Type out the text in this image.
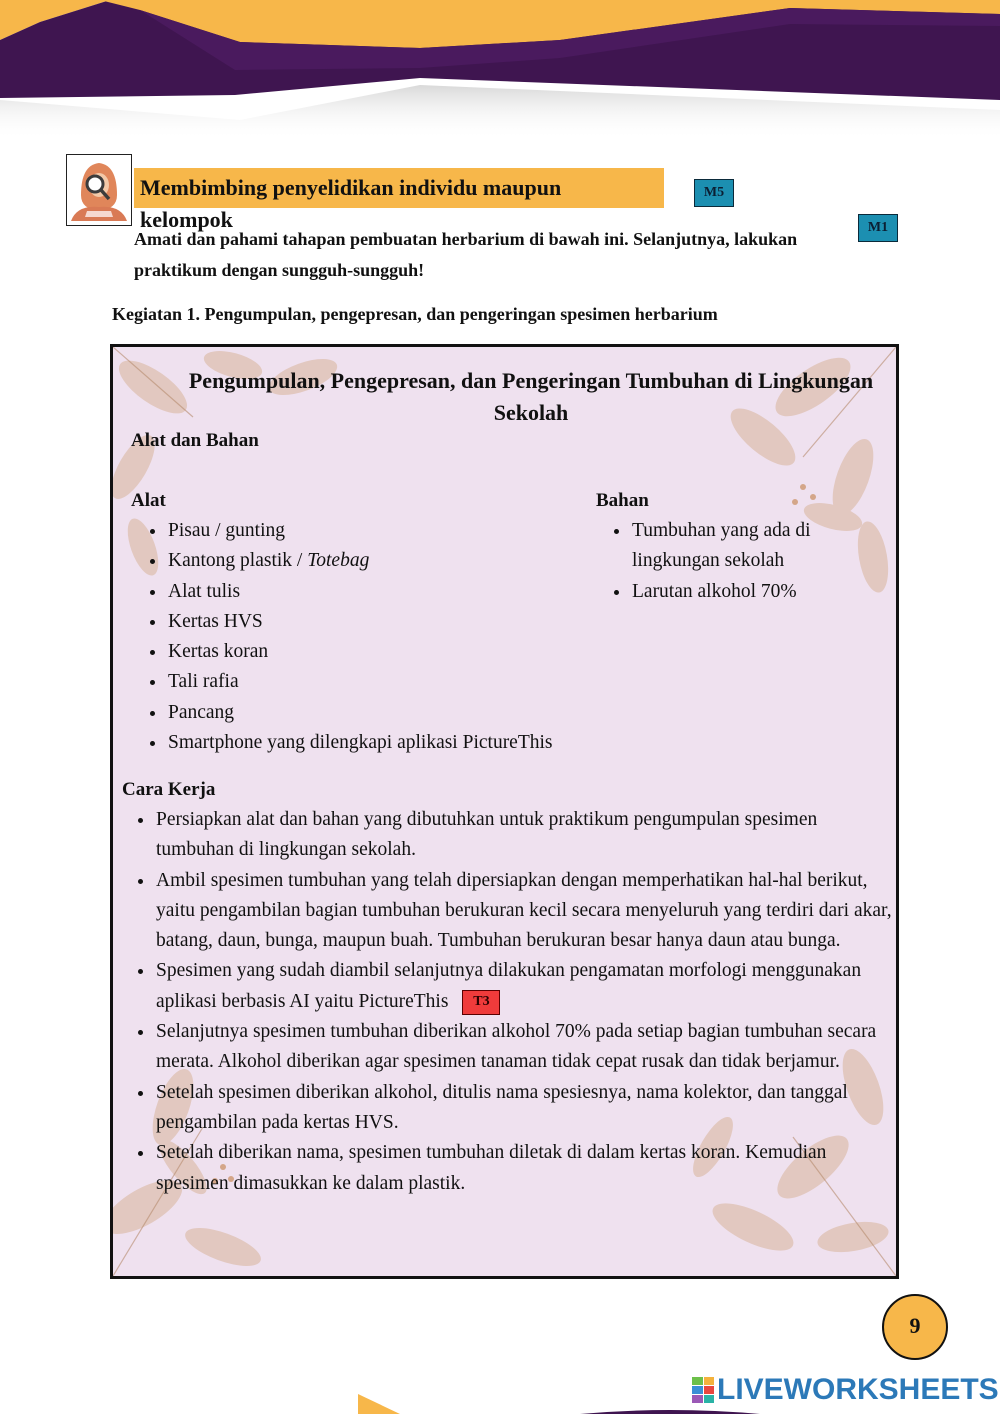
Membimbing penyelidikan individu maupun kelompok
M5
M1
Amati dan pahami tahapan pembuatan herbarium di bawah ini. Selanjutnya, lakukan praktikum dengan sungguh-sungguh!
Kegiatan 1. Pengumpulan, pengepresan, dan pengeringan spesimen herbarium
Pengumpulan, Pengepresan, dan Pengeringan Tumbuhan di Lingkungan Sekolah
Alat dan Bahan
Alat
• Pisau / gunting
• Kantong plastik / Totebag
• Alat tulis
• Kertas HVS
• Kertas koran
• Tali rafia
• Pancang
• Smartphone yang dilengkapi aplikasi PictureThis
Bahan
• Tumbuhan yang ada di lingkungan sekolah
• Larutan alkohol 70%
Cara Kerja
• Persiapkan alat dan bahan yang dibutuhkan untuk praktikum pengumpulan spesimen tumbuhan di lingkungan sekolah.
• Ambil spesimen tumbuhan yang telah dipersiapkan dengan memperhatikan hal-hal berikut, yaitu pengambilan bagian tumbuhan berukuran kecil secara menyeluruh yang terdiri dari akar, batang, daun, bunga, maupun buah. Tumbuhan berukuran besar hanya daun atau bunga.
• Spesimen yang sudah diambil selanjutnya dilakukan pengamatan morfologi menggunakan aplikasi berbasis AI yaitu PictureThis T3
• Selanjutnya spesimen tumbuhan diberikan alkohol 70% pada setiap bagian tumbuhan secara merata. Alkohol diberikan agar spesimen tanaman tidak cepat rusak dan tidak berjamur.
• Setelah spesimen diberikan alkohol, ditulis nama spesiesnya, nama kolektor, dan tanggal pengambilan pada kertas HVS.
• Setelah diberikan nama, spesimen tumbuhan diletak di dalam kertas koran. Kemudian spesimen dimasukkan ke dalam plastik.
9
LIVEWORKSHEETS
